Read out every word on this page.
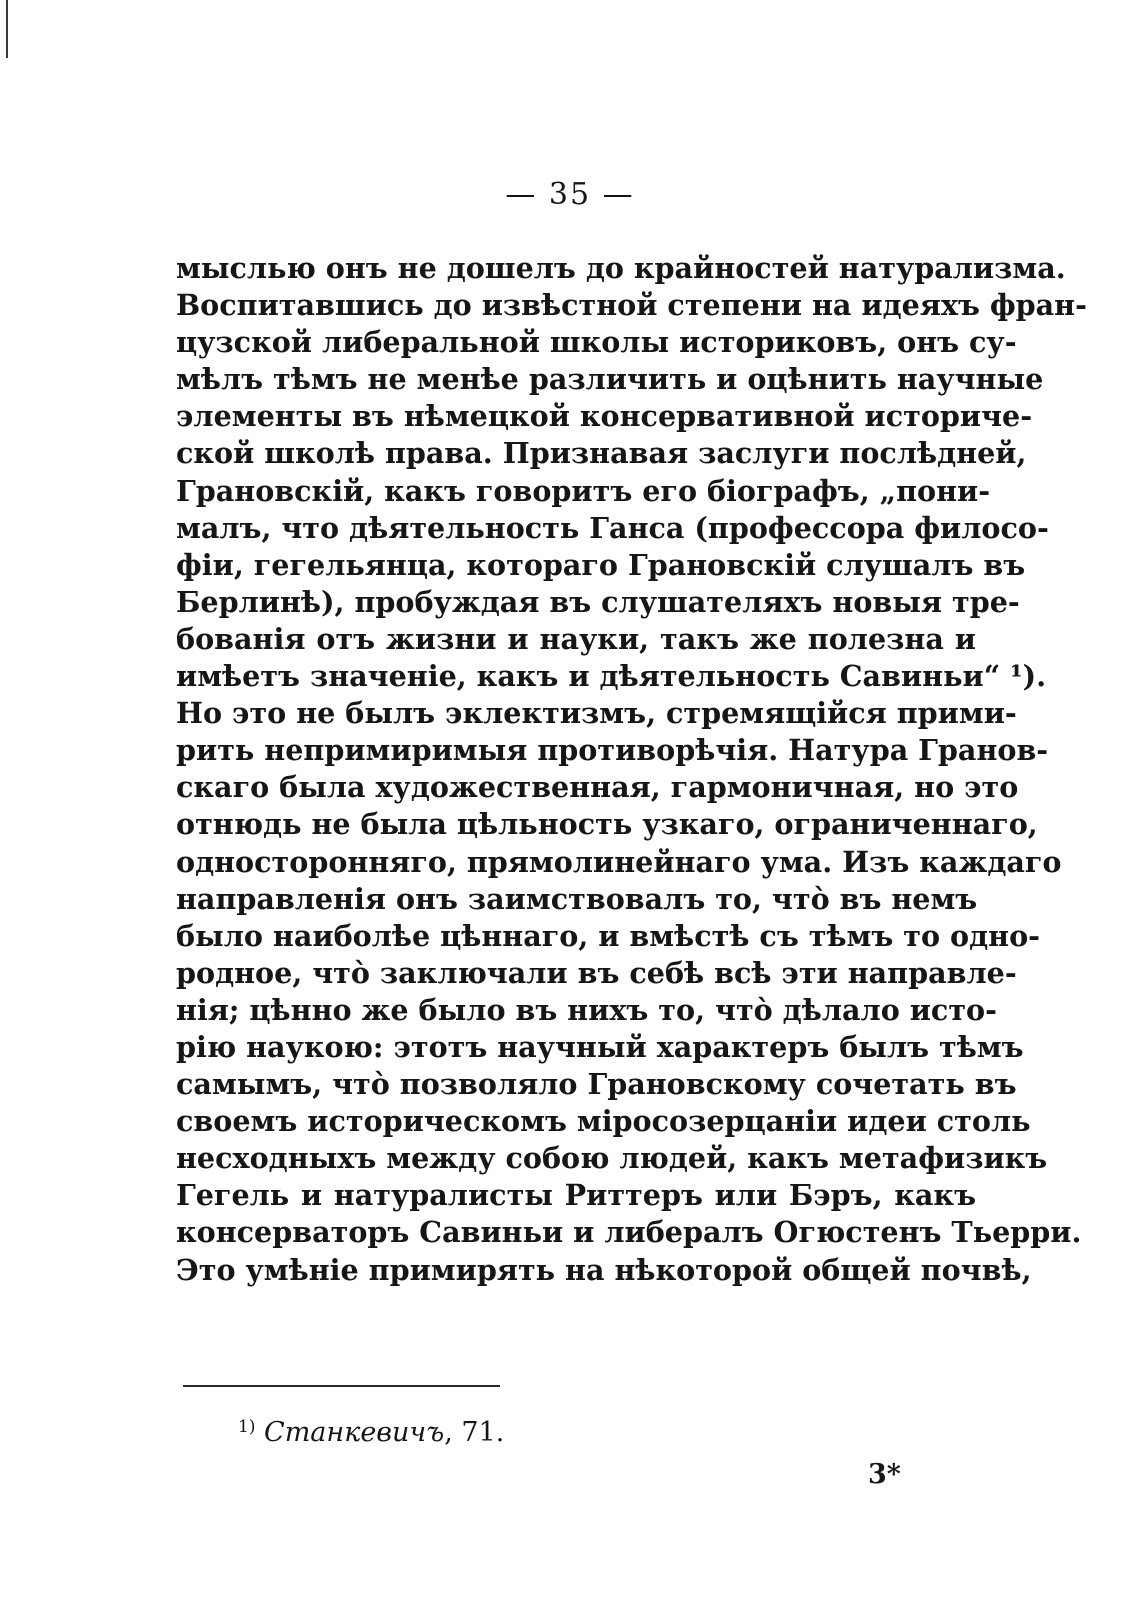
— 35 —
мыслью онъ не дошелъ до крайностей натурализма.
Воспитавшись до извѣстной степени на идеяхъ фран-
цузской либеральной школы историковъ, онъ су-
мѣлъ тѣмъ не менѣе различить и оцѣнить научные
элементы въ нѣмецкой консервативной историче-
ской школѣ права. Признавая заслуги послѣдней,
Грановскій, какъ говоритъ его біографъ, „пони-
малъ, что дѣятельность Ганса (профессора филосо-
фіи, гегельянца, котораго Грановскій слушалъ въ
Берлинѣ), пробуждая въ слушателяхъ новыя тре-
бованія отъ жизни и науки, такъ же полезна и
имѣетъ значеніе, какъ и дѣятельность Савиньи“ ¹).
Но это не былъ эклектизмъ, стремящійся прими-
рить непримиримыя противорѣчія. Натура Гранов-
скаго была художественная, гармоничная, но это
отнюдь не была цѣльность узкаго, ограниченнаго,
односторонняго, прямолинейнаго ума. Изъ каждаго
направленія онъ заимствовалъ то, что̀ въ немъ
было наиболѣе цѣннаго, и вмѣстѣ съ тѣмъ то одно-
родное, что̀ заключали въ себѣ всѣ эти направле-
нія; цѣнно же было въ нихъ то, что̀ дѣлало исто-
рію наукою: этотъ научный характеръ былъ тѣмъ
самымъ, что̀ позволяло Грановскому сочетать въ
своемъ историческомъ міросозерцаніи идеи столь
несходныхъ между собою людей, какъ метафизикъ
Гегель и натуралисты Риттеръ или Бэръ, какъ
консерваторъ Савиньи и либералъ Огюстенъ Тьерри.
Это умѣніе примирять на нѣкоторой общей почвѣ,
$^{1)}$ Станкевичъ, 71.
3*
